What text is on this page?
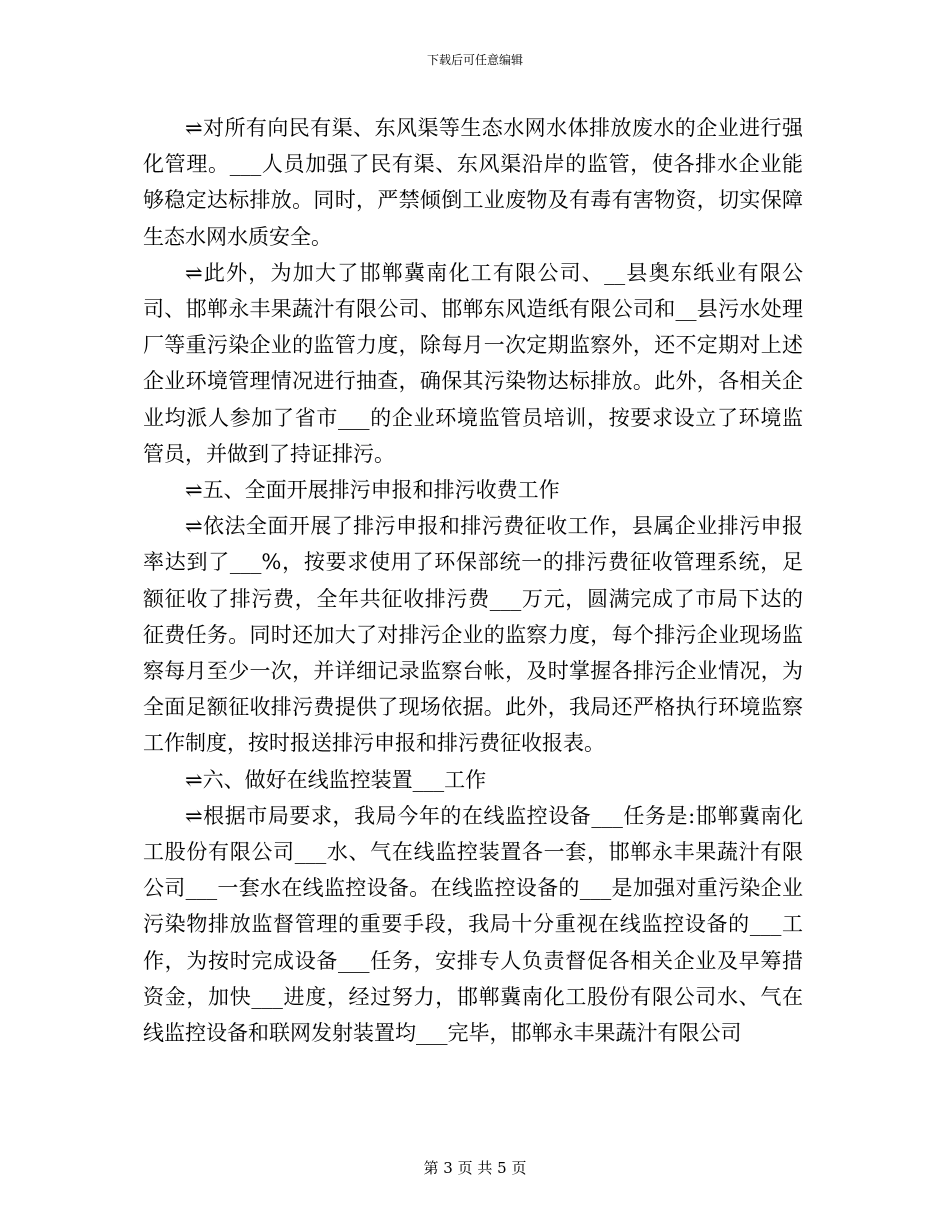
下载后可任意编辑

⇌对所有向民有渠、东风渠等生态水网水体排放废水的企业进行强化管理。___人员加强了民有渠、东风渠沿岸的监管，使各排水企业能够稳定达标排放。同时，严禁倾倒工业废物及有毒有害物资，切实保障生态水网水质安全。

⇌此外，为加大了邯郸冀南化工有限公司、__县奥东纸业有限公司、邯郸永丰果蔬汁有限公司、邯郸东风造纸有限公司和__县污水处理厂等重污染企业的监管力度，除每月一次定期监察外，还不定期对上述企业环境管理情况进行抽查，确保其污染物达标排放。此外，各相关企业均派人参加了省市___的企业环境监管员培训，按要求设立了环境监管员，并做到了持证排污。

⇌五、全面开展排污申报和排污收费工作

⇌依法全面开展了排污申报和排污费征收工作，县属企业排污申报率达到了___%，按要求使用了环保部统一的排污费征收管理系统，足额征收了排污费，全年共征收排污费___万元，圆满完成了市局下达的征费任务。同时还加大了对排污企业的监察力度，每个排污企业现场监察每月至少一次，并详细记录监察台帐，及时掌握各排污企业情况，为全面足额征收排污费提供了现场依据。此外，我局还严格执行环境监察工作制度，按时报送排污申报和排污费征收报表。

⇌六、做好在线监控装置___工作

⇌根据市局要求，我局今年的在线监控设备___任务是:邯郸冀南化工股份有限公司___水、气在线监控装置各一套，邯郸永丰果蔬汁有限公司___一套水在线监控设备。在线监控设备的___是加强对重污染企业污染物排放监督管理的重要手段，我局十分重视在线监控设备的___工作，为按时完成设备___任务，安排专人负责督促各相关企业及早筹措资金，加快___进度，经过努力，邯郸冀南化工股份有限公司水、气在线监控设备和联网发射装置均___完毕，邯郸永丰果蔬汁有限公司

第 3 页 共 5 页
